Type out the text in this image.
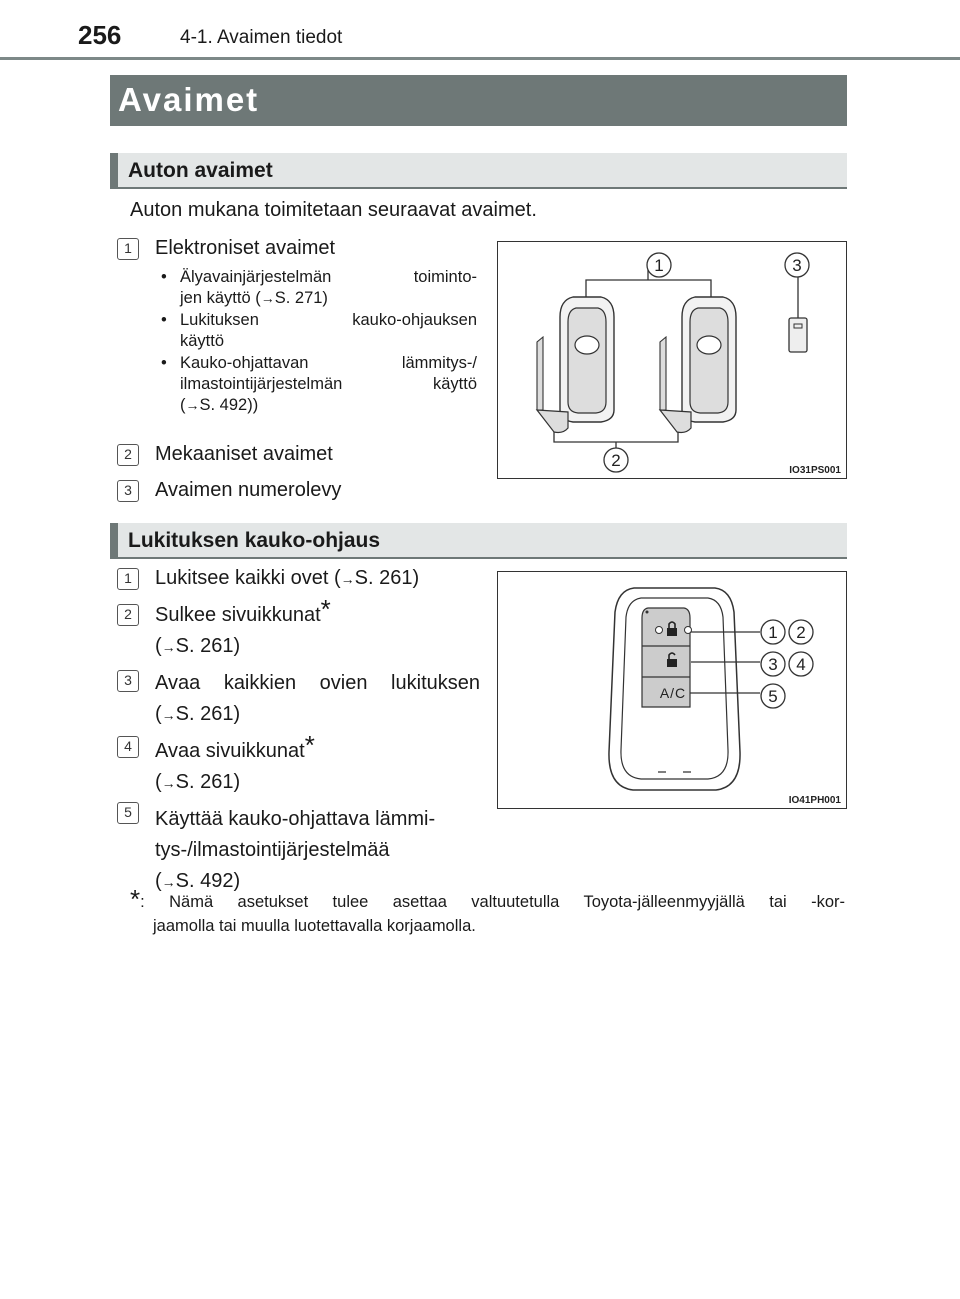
256	4-1. Avaimen tiedot
Avaimet
Auton avaimet
Auton mukana toimitetaan seuraavat avaimet.
1	Elektroniset avaimet
• Älyavainjärjestelmän toiminto-
jen käyttö (→S. 271)
• Lukituksen kauko-ohjauksen
käyttö
• Kauko-ohjattavan lämmitys-/
ilmastointijärjestelmän käyttö
(→S. 492))
2	Mekaaniset avaimet
3	Avaimen numerolevy
1	3
2
IO31PS001
Lukituksen kauko-ohjaus
Lukitsee kaikki ovet (→S. 261)
Sulkee sivuikkunat*
(→S. 261)
Avaa kaikkien ovien lukituksen
(→S. 261)
Avaa sivuikkunat*
(→S. 261)
Käyttää kauko-ohjattava lämmi-
tys-/ilmastointijärjestelmää
(→S. 492)
1
2
3
4
5
A/C
1 2
3 4
5
IO41PH001
*: Nämä asetukset tulee asettaa valtuutetulla Toyota-jälleenmyyjällä tai -kor-
jaamolla tai muulla luotettavalla korjaamolla.
